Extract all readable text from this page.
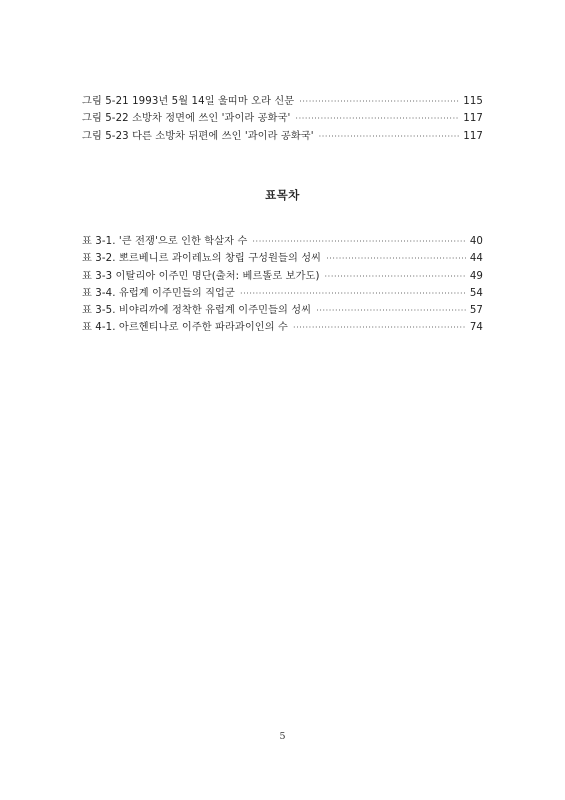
그림 5-21 1993년 5월 14일 울띠마 오라 신문 ·····	115
그림 5-22 소방차 정면에 쓰인 '과이라 공화국' ·····	117
그림 5-23 다른 소방차 뒤편에 쓰인 '과이라 공화국' ·····	117
표목차
표 3-1. '큰 전쟁'으로 인한 학살자 수 ·····	40
표 3-2. 뽀르베니르 과이레뇨의 창립 구성원들의 성씨 ·····	44
표 3-3 이탈리아 이주민 명단(출처: 베르똘로 보가도) ·····	49
표 3-4. 유럽계 이주민들의 직업군 ·····	54
표 3-5. 비야리까에 정착한 유럽계 이주민들의 성씨 ·····	57
표 4-1. 아르헨티나로 이주한 파라과이인의 수 ·····	74
5
